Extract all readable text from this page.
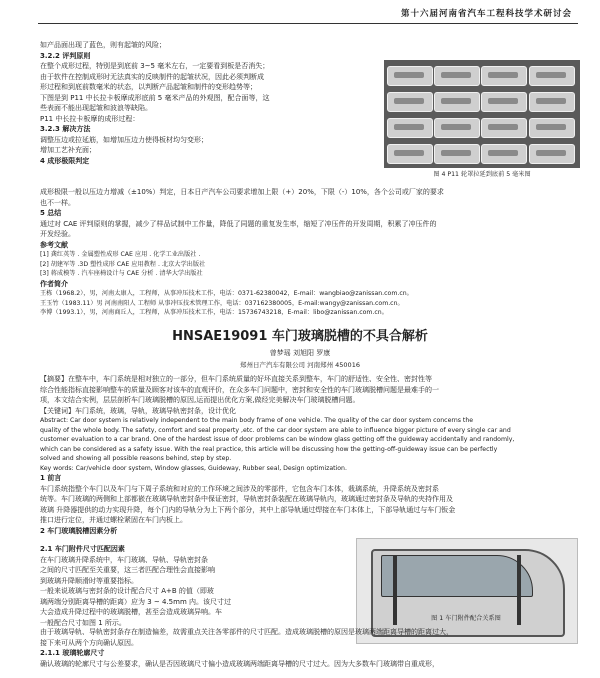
第十六届河南省汽车工程科技学术研讨会

如产品面出现了蓝色，则有起皱的风险；

3.2.2 评判原则

在整个成形过程，特别是到底前 3~5 毫米左右，一定要看到板是否消失；

由于软件在控制成形时无法真实的反映制件的起皱状况，因此必须判断成

形过程和到底前数毫米的状态，以判断产品起皱和制件的变形趋势等；

下图是到 P11 中长拉卡板摩成形底前 5 毫米产品的外观图，配合面等，这

些表面不能出现起皱和波浪等缺陷。

P11 中长拉卡板摩的成形过程：

3.2.3 解决方法

调整压边或拉延筋，如增加压边力使得板材均匀变形；

增加工艺补充面；

4 成形极限判定

图 4 P11 轮罩拉延到底前 5 毫米图

成形极限一般以压边力增减（±10%）判定，日本日产汽车公司要求增加上限（+）20%，下限（-）10%，各个公司或厂家的要求

也不一样。

5 总结

通过对 CAE 评判原则的掌握，减少了样品试制中工作量，降低了同题的重复发生率，缩短了冲压件的开发周期，积累了冲压件的

开发经验。

参考文献

[1] 龚红英等 . 金属塑性成形 CAE 应用 . 化学工业出版社 .

[2] 胡建军等 .3D 塑性成形 CAE 应用教程 . 北京大学出版社

[3] 蒋成模等 . 汽车座椅设计与 CAE 分析 . 清华大学出版社

作者简介

王栋（1968.2），男，河南太康人，工程师，从事冲压技术工作，电话：0371-62380042，E-mail：wangbiao@zanissan.com.cn。

王玉竹（1983.11）男 河南南阳人 工程师 从事冲压技术管理工作，电话：037162380005，E-mail:wangy@zanissan.com.cn。

李博（1993.1），男，河南商丘人，工程师，从事冲压技术工作，电话：15736743218，E-mail：libo@zanissan.com.cn。

HNSAE19091 车门玻璃脱槽的不具合解析
曾梦瑶 刘旭阳 罗康
郑州日产汽车有限公司 河南郑州 450016

【摘要】在整车中，车门系统是相对独立的一部分，但车门系统质量的好坏直接关系到整车，车门的舒适性、安全性、密封性等

综合性能指标直接影响整车的质量及顾客对该车的直观评价，在众多车门问题中，密封和安全性的车门玻璃脱槽问题是最难手的一

项，本文结合实例，层层剖析车门玻璃脱槽的原因,运而提出优化方案,做经完美解决车门玻璃脱槽问题。

【关键词】车门系统，玻璃，导轨，玻璃导轨密封条，设计优化

Abstract: Car door system is relatively independent to the main body frame of one vehicle. The quality of the car door system concerns the

quality of the whole body. The safety, comfort and seal property ,etc. of the car door system are able to influence bigger picture of every single car and

customer evaluation to a car brand. One of the hardest issue of door problems can be window glass getting off the guideway accidentally and randomly,

which can be considered as a safety issue. With the real practice, this article will be discussing how the getting-off-guideway issue can be perfectly

solved and showing all possible reasons behind, step by step.

Key words: Car/vehicle door system, Window glasses, Guideway, Rubber seal, Design optimization.

1 前言

车门系统指整个车门以及车门与下周子系统和对应的工作环境之间涉及的零部件，它包含车门本体，栽璃系统，升降系统及密封系

统等。车门玻璃的两侧和上部都嵌在玻璃导轨密封条中保证密封，导轨密封条装配在玻璃导轨内，玻璃通过密封条及导轨的夹持作用及

玻璃 升降器提供的动力实现升降，每个门内的导轨分为上下两个部分，其中上部导轨通过焊接在车门本体上，下部导轨通过与车门钣金

推口进行定位，并通过螺栓紧固在车门内板上。

2 车门玻璃脱槽因素分析

2.1 车门附件尺寸匹配因素

在车门玻璃升降系统中，车门玻璃、导轨、导轨密封条

之间的尺寸匹配至关重要，这三者匹配合理性会直接影响

到玻璃升降顺滑时等重要指标。

一般来说玻璃与密封条的设计配合尺寸 A+B 的值（即玻

璃两端分别距离导槽的距离）应为 3 ~ 4.5mm 内。该尺寸过

大会造成升降过程中的玻璃脱槽，甚至会造成玻璃异响。车

一般配合尺寸如图 1 所示。

由于玻璃导轨、导轨密封条存在制造偏差，故需重点关注各零部件的尺寸匹配。造成玻璃脱槽的原因是玻璃两端距离导槽的距离过大，

接下来可从两个方向确认原因。

2.1.1 玻璃轮廓尺寸

确认玻璃的轮廓尺寸与公差要求，确认是否因玻璃尺寸偏小造成玻璃两端距离导槽的尺寸过大。因为大多数车门玻璃带自重成形，

图 1 车门附件配合关系图
